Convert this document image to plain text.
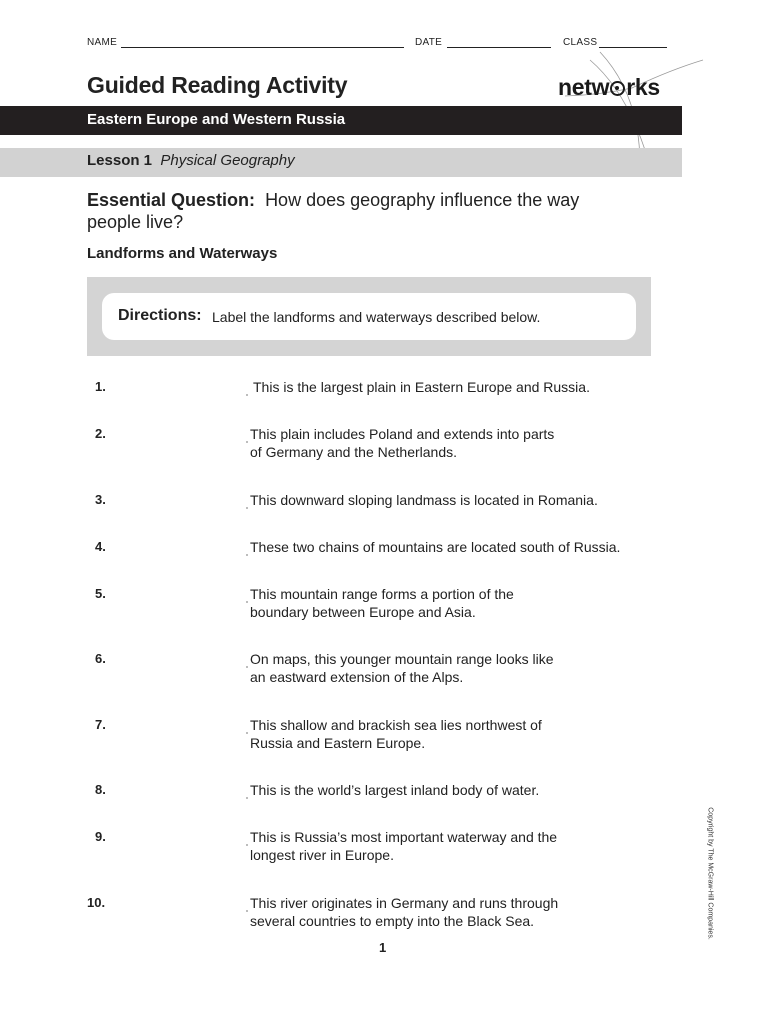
NAME	DATE	CLASS
Guided Reading Activity	netw rks
Eastern Europe and Western Russia
Lesson 1 Physical Geography
Essential Question: How does geography influence the way people live?
Landforms and Waterways
Directions: Label the landforms and waterways described below.
1.	This is the largest plain in Eastern Europe and Russia.
2.	This plain includes Poland and extends into parts
of Germany and the Netherlands.
3.	This downward sloping landmass is located in Romania.
4.	These two chains of mountains are located south of Russia.
5.	This mountain range forms a portion of the
boundary between Europe and Asia.
6.	On maps, this younger mountain range looks like
an eastward extension of the Alps.
7.	This shallow and brackish sea lies northwest of
Russia and Eastern Europe.
8.	This is the world’s largest inland body of water.
9.	This is Russia’s most important waterway and the
longest river in Europe.
10.	This river originates in Germany and runs through
several countries to empty into the Black Sea.
1
Copyright by The McGraw-Hill Companies.
